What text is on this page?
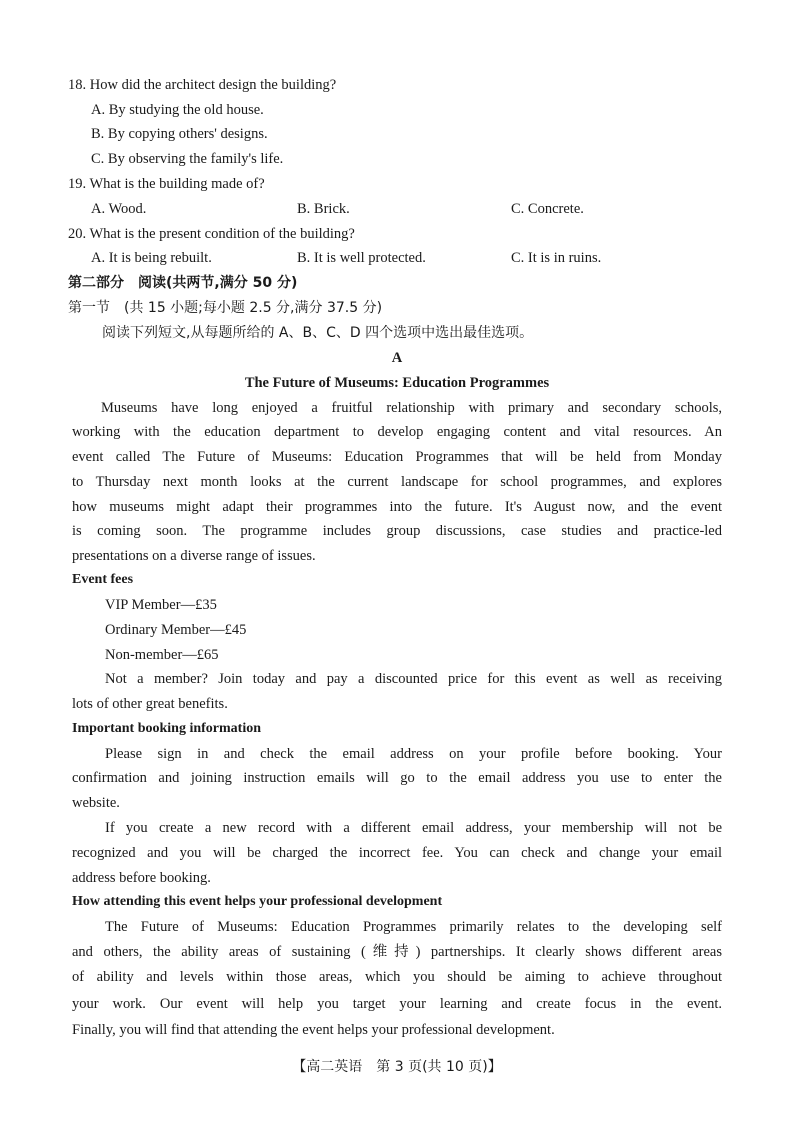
18. How did the architect design the building?
A. By studying the old house.
B. By copying others' designs.
C. By observing the family's life.
19. What is the building made of?
A. Wood.	B. Brick.	C. Concrete.
20. What is the present condition of the building?
A. It is being rebuilt.	B. It is well protected.	C. It is in ruins.
第二部分　阅读(共两节,满分 50 分)
第一节　(共 15 小题;每小题 2.5 分,满分 37.5 分)
阅读下列短文,从每题所给的 A、B、C、D 四个选项中选出最佳选项。
A
The Future of Museums: Education Programmes
Museums have long enjoyed a fruitful relationship with primary and secondary schools,
working with the education department to develop engaging content and vital resources. An
event called The Future of Museums: Education Programmes that will be held from Monday
to Thursday next month looks at the current landscape for school programmes, and explores
how museums might adapt their programmes into the future. It's August now, and the event
is coming soon. The programme includes group discussions, case studies and practice-led
presentations on a diverse range of issues.
Event fees
VIP Member—£35
Ordinary Member—£45
Non-member—£65
Not a member? Join today and pay a discounted price for this event as well as receiving
lots of other great benefits.
Important booking information
Please sign in and check the email address on your profile before booking. Your
confirmation and joining instruction emails will go to the email address you use to enter the
website.
If you create a new record with a different email address, your membership will not be
recognized and you will be charged the incorrect fee. You can check and change your email
address before booking.
How attending this event helps your professional development
The Future of Museums: Education Programmes primarily relates to the developing self
and others, the ability areas of sustaining (维持) partnerships. It clearly shows different areas
of ability and levels within those areas, which you should be aiming to achieve throughout
your work. Our event will help you target your learning and create focus in the event.
Finally, you will find that attending the event helps your professional development.
【高二英语　第 3 页(共 10 页)】
